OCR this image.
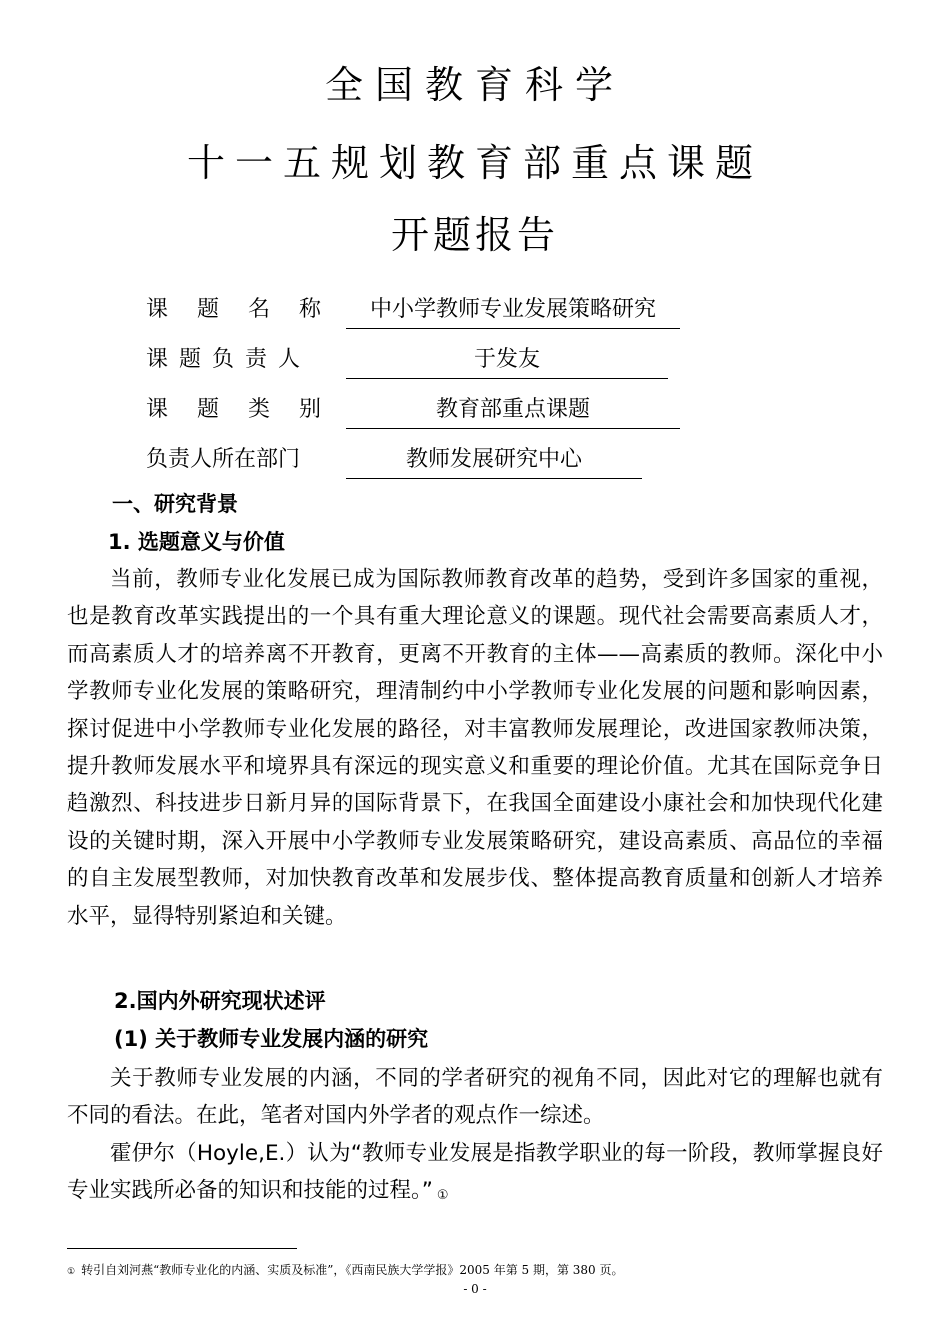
全国教育科学
十一五规划教育部重点课题
开题报告
课 题 名 称	中小学教师专业发展策略研究
课 题 负 责 人	于发友
课 题 类 别	教育部重点课题
负责人所在部门	教师发展研究中心
一、研究背景
1. 选题意义与价值

当前，教师专业化发展已成为国际教师教育改革的趋势，受到许多国家的重视，也是教育改革实践提出的一个具有重大理论意义的课题。现代社会需要高素质人才，而高素质人才的培养离不开教育，更离不开教育的主体——高素质的教师。深化中小学教师专业化发展的策略研究，理清制约中小学教师专业化发展的问题和影响因素，探讨促进中小学教师专业化发展的路径，对丰富教师发展理论，改进国家教师决策，提升教师发展水平和境界具有深远的现实意义和重要的理论价值。尤其在国际竞争日趋激烈、科技进步日新月异的国际背景下，在我国全面建设小康社会和加快现代化建设的关键时期，深入开展中小学教师专业发展策略研究，建设高素质、高品位的幸福的自主发展型教师，对加快教育改革和发展步伐、整体提高教育质量和创新人才培养水平，显得特别紧迫和关键。

2.国内外研究现状述评
(1) 关于教师专业发展内涵的研究

关于教师专业发展的内涵，不同的学者研究的视角不同，因此对它的理解也就有不同的看法。在此，笔者对国内外学者的观点作一综述。

霍伊尔（Hoyle,E.）认为“教师专业发展是指教学职业的每一阶段，教师掌握良好专业实践所必备的知识和技能的过程。” ①

① 转引自刘河燕“教师专业化的内涵、实质及标准”，《西南民族大学学报》2005 年第 5 期，第 380 页。
- 0 -
